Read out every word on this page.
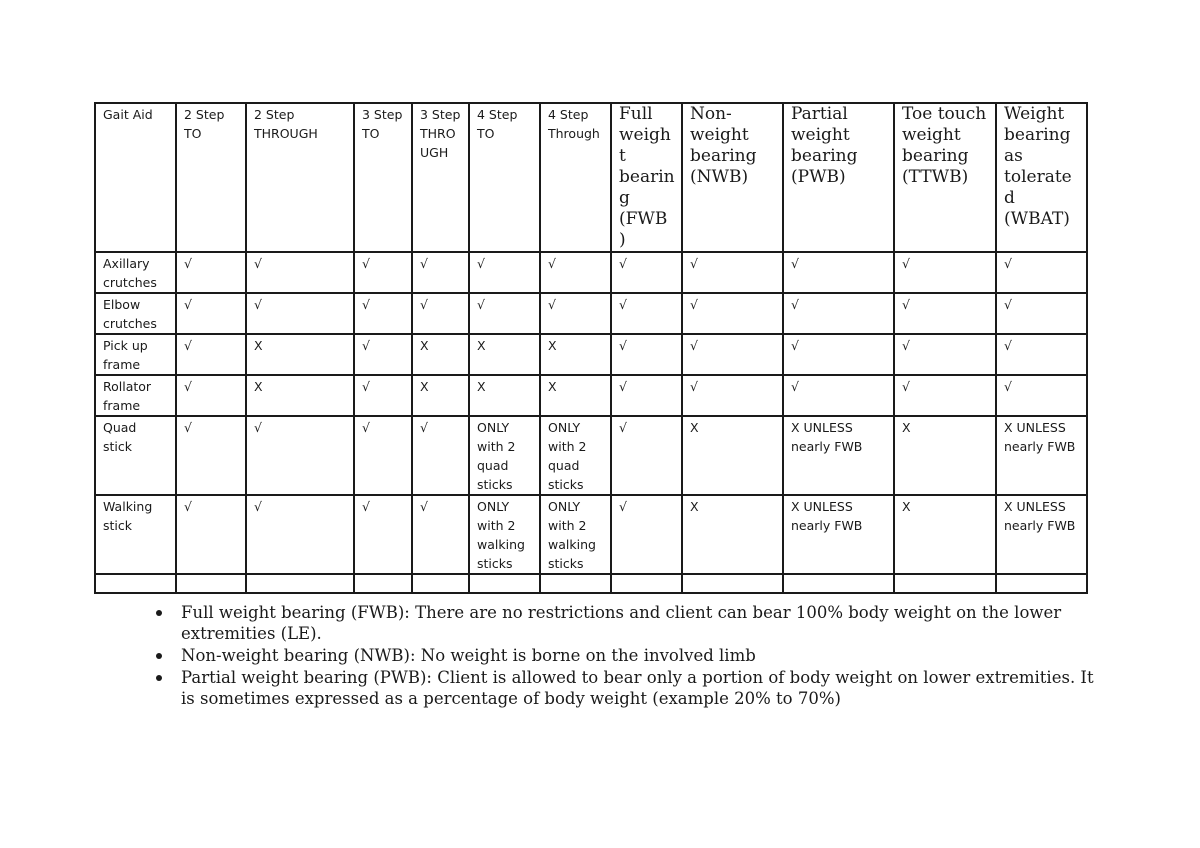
Gait Aid	2 Step TO	2 Step THROUGH	3 Step TO	3 Step THRO UGH	4 Step TO	4 Step Through	Full weigh t bearin g (FWB )	Non- weight bearing (NWB)	Partial weight bearing (PWB)	Toe touch weight bearing (TTWB)	Weight bearing as tolerated (WBAT)
Axillary crutches	√	√	√	√	√	√	√	√	√	√	√
Elbow crutches	√	√	√	√	√	√	√	√	√	√	√
Pick up frame	√	X	√	X	X	X	√	√	√	√	√
Rollator frame	√	X	√	X	X	X	√	√	√	√	√
Quad stick	√	√	√	√	ONLY with 2 quad sticks	ONLY with 2 quad sticks	√	X	X UNLESS nearly FWB	X	X UNLESS nearly FWB
Walking stick	√	√	√	√	ONLY with 2 walking sticks	ONLY with 2 walking sticks	√	X	X UNLESS nearly FWB	X	X UNLESS nearly FWB

Full weight bearing (FWB): There are no restrictions and client can bear 100% body weight on the lower extremities (LE).
Non-weight bearing (NWB): No weight is borne on the involved limb
Partial weight bearing (PWB): Client is allowed to bear only a portion of body weight on lower extremities. It is sometimes expressed as a percentage of body weight (example 20% to 70%)
